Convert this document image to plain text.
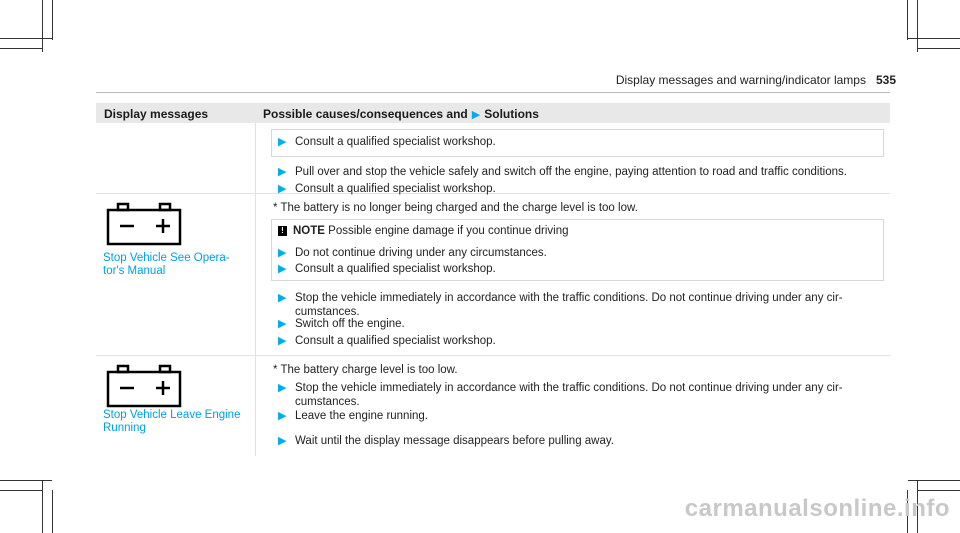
Display messages and warning/indicator lamps 535
Display messages	Possible causes/consequences and ▶ Solutions
▶ Consult a qualified specialist workshop.
▶ Pull over and stop the vehicle safely and switch off the engine, paying attention to road and traffic conditions.
▶ Consult a qualified specialist workshop.
Stop Vehicle See Opera-
tor's Manual
* The battery is no longer being charged and the charge level is too low.
! NOTE Possible engine damage if you continue driving
▶ Do not continue driving under any circumstances.
▶ Consult a qualified specialist workshop.
▶ Stop the vehicle immediately in accordance with the traffic conditions. Do not continue driving under any cir-
cumstances.
▶ Switch off the engine.
▶ Consult a qualified specialist workshop.
Stop Vehicle Leave Engine
Running
* The battery charge level is too low.
▶ Stop the vehicle immediately in accordance with the traffic conditions. Do not continue driving under any cir-
cumstances.
▶ Leave the engine running.
▶ Wait until the display message disappears before pulling away.
carmanualsonline.info
